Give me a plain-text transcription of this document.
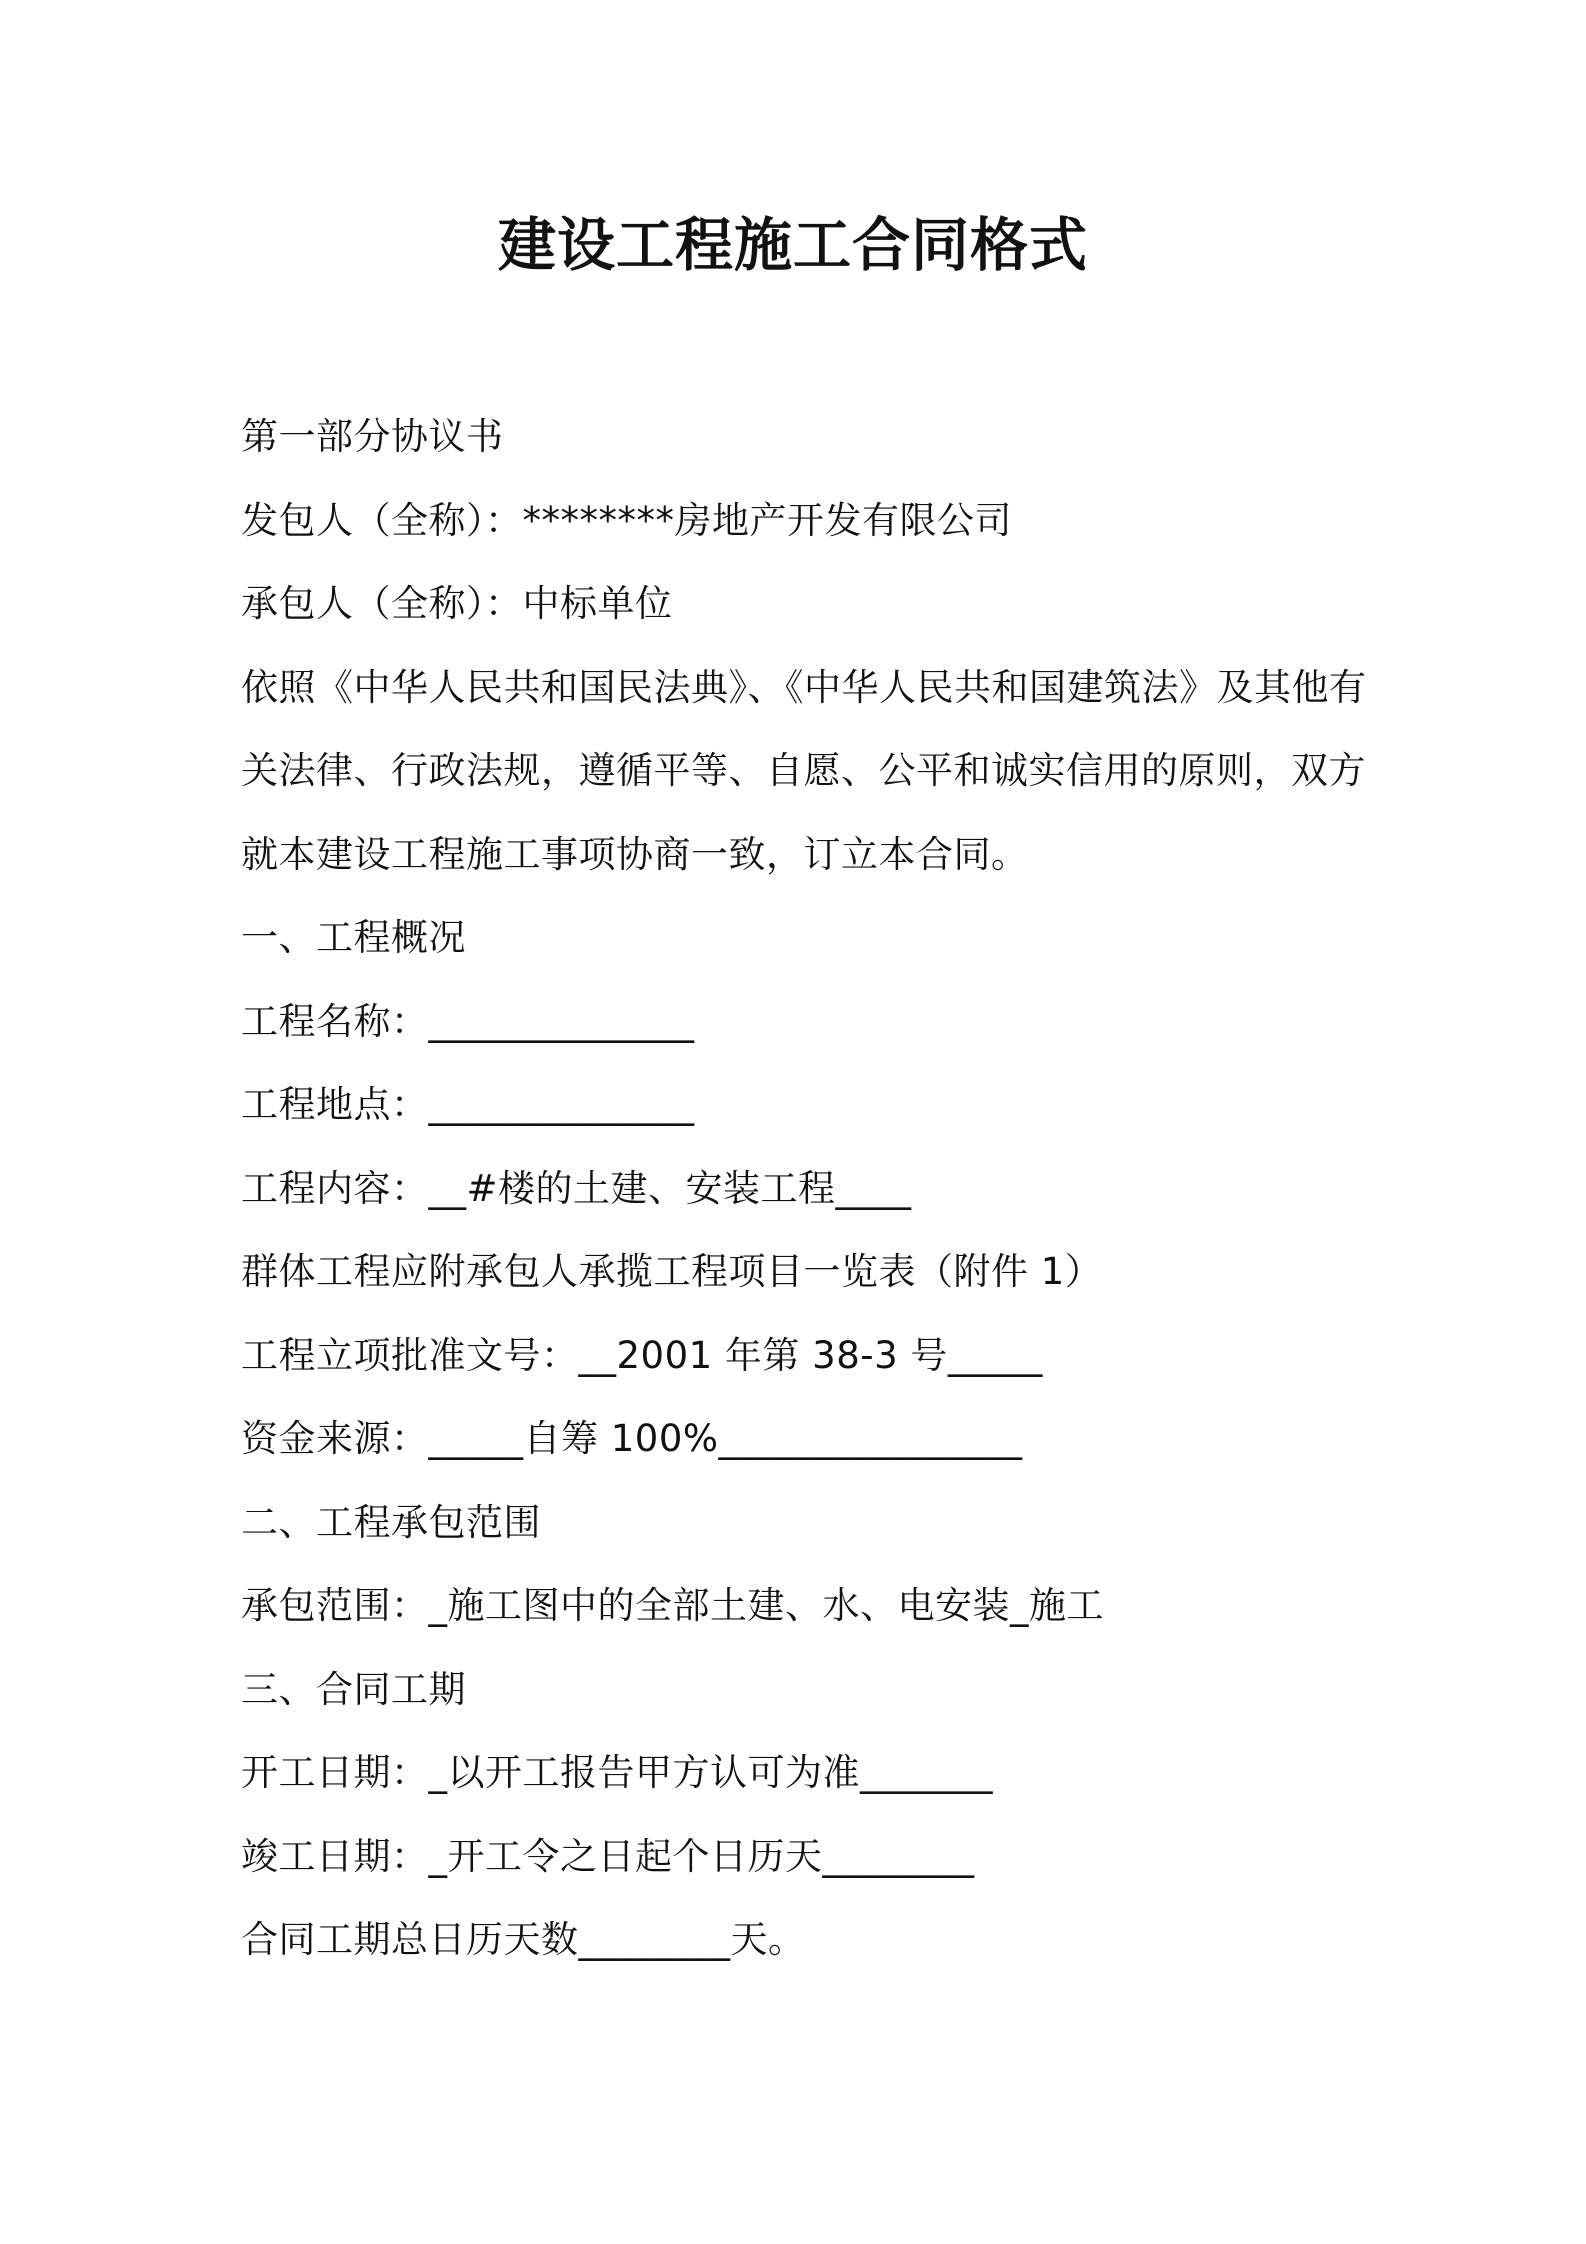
建设工程施工合同格式
第一部分协议书
发包人（全称）：********房地产开发有限公司
承包人（全称）：中标单位
依照《中华人民共和国民法典》、《中华人民共和国建筑法》及其他有
关法律、行政法规，遵循平等、自愿、公平和诚实信用的原则，双方
就本建设工程施工事项协商一致，订立本合同。
一、工程概况
工程名称：______________
工程地点：______________
工程内容：__#楼的土建、安装工程____
群体工程应附承包人承揽工程项目一览表（附件 1）
工程立项批准文号：__2001 年第 38-3 号_____
资金来源：_____自筹 100%________________
二、工程承包范围
承包范围：_施工图中的全部土建、水、电安装_施工
三、合同工期
开工日期：_以开工报告甲方认可为准_______
竣工日期：_开工令之日起个日历天________
合同工期总日历天数________天。
